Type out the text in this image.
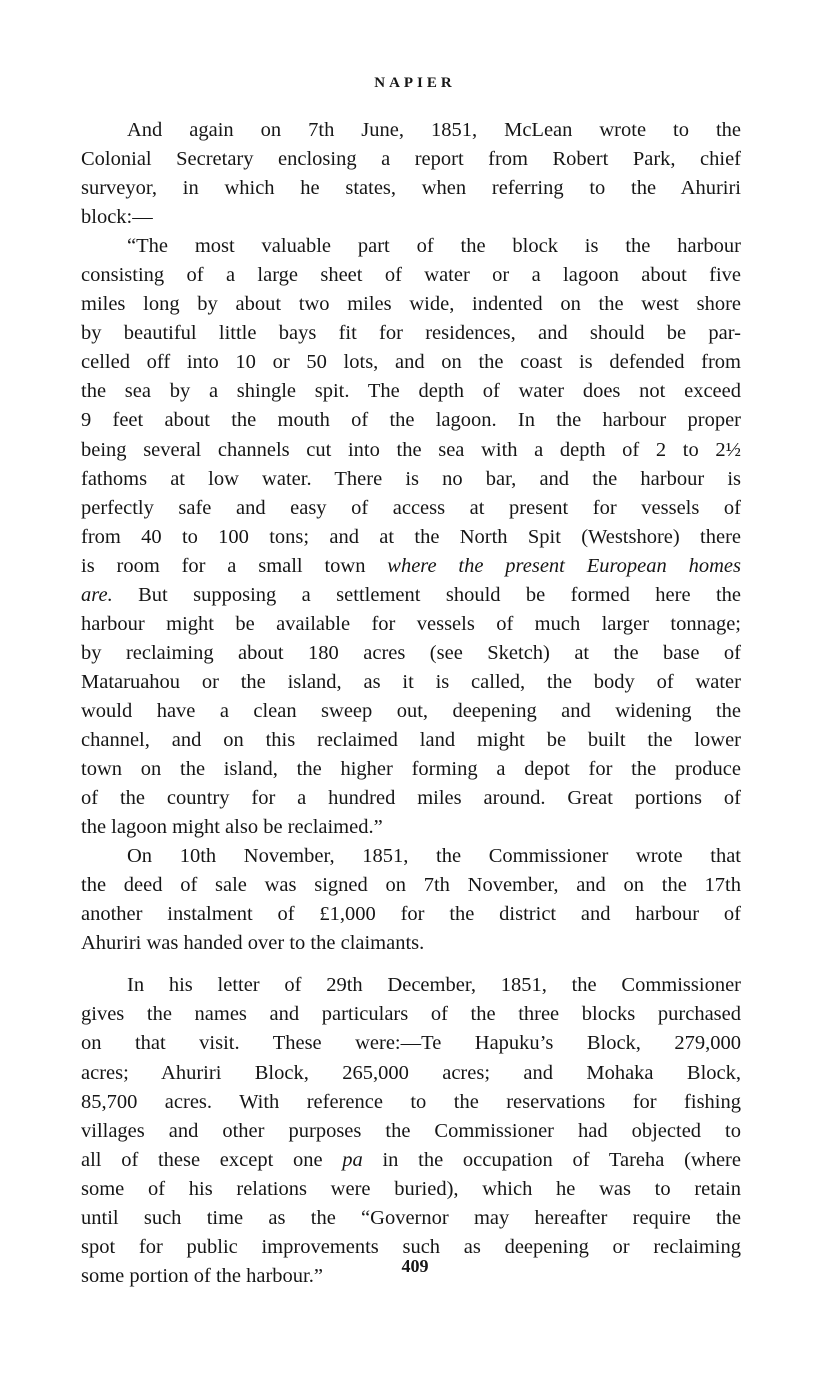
NAPIER
And again on 7th June, 1851, McLean wrote to the
Colonial Secretary enclosing a report from Robert Park, chief
surveyor, in which he states, when referring to the Ahuriri
block:—
“The most valuable part of the block is the harbour
consisting of a large sheet of water or a lagoon about five
miles long by about two miles wide, indented on the west shore
by beautiful little bays fit for residences, and should be par-
celled off into 10 or 50 lots, and on the coast is defended from
the sea by a shingle spit. The depth of water does not exceed
9 feet about the mouth of the lagoon. In the harbour proper
being several channels cut into the sea with a depth of 2 to 2½
fathoms at low water. There is no bar, and the harbour is
perfectly safe and easy of access at present for vessels of
from 40 to 100 tons; and at the North Spit (Westshore) there
is room for a small town where the present European homes
are. But supposing a settlement should be formed here the
harbour might be available for vessels of much larger tonnage;
by reclaiming about 180 acres (see Sketch) at the base of
Mataruahou or the island, as it is called, the body of water
would have a clean sweep out, deepening and widening the
channel, and on this reclaimed land might be built the lower
town on the island, the higher forming a depot for the produce
of the country for a hundred miles around. Great portions of
the lagoon might also be reclaimed.”
On 10th November, 1851, the Commissioner wrote that
the deed of sale was signed on 7th November, and on the 17th
another instalment of £1,000 for the district and harbour of
Ahuriri was handed over to the claimants.
In his letter of 29th December, 1851, the Commissioner
gives the names and particulars of the three blocks purchased
on that visit. These were:—Te Hapuku’s Block, 279,000
acres; Ahuriri Block, 265,000 acres; and Mohaka Block,
85,700 acres. With reference to the reservations for fishing
villages and other purposes the Commissioner had objected to
all of these except one pa in the occupation of Tareha (where
some of his relations were buried), which he was to retain
until such time as the “Governor may hereafter require the
spot for public improvements such as deepening or reclaiming
some portion of the harbour.”	409
